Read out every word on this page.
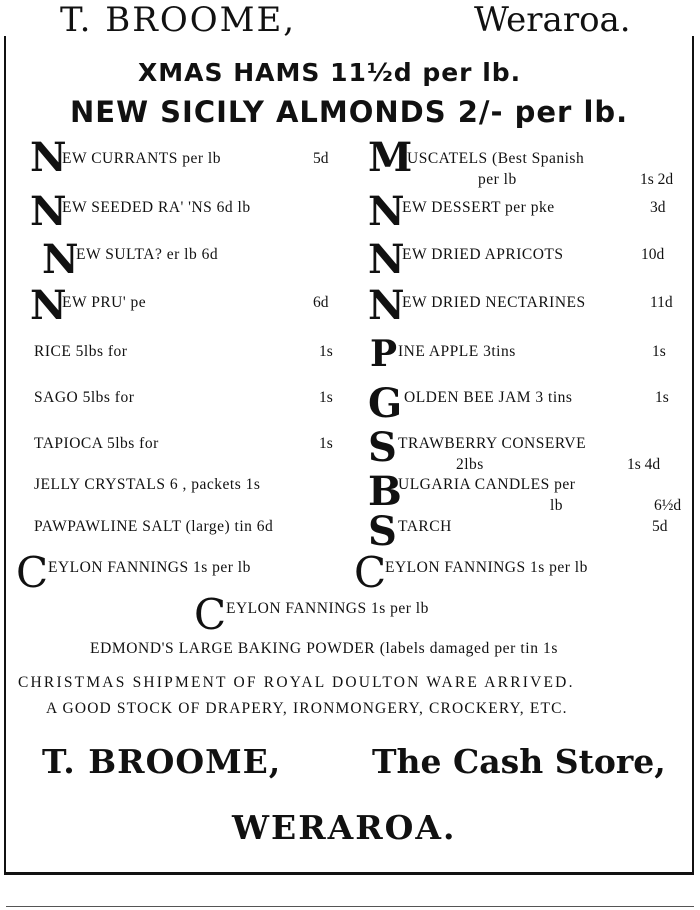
T. BROOME,	Weraroa.
XMAS HAMS 11½d per lb.
NEW SICILY ALMONDS 2/- per lb.
N
EW CURRANTS per lb	5d
N
EW SEEDED RA' 'NS 6d lb
N
EW SULTA? er lb 6d
N
EW PRU' pe	6d
RICE 5lbs for	1s
SAGO 5lbs for	1s
TAPIOCA 5lbs for	1s
JELLY CRYSTALS 6 , packets 1s
PAWPAWLINE SALT (large) tin 6d
C EYLON FANNINGS 1s per lb
M
USCATELS (Best Spanish
per lb	1s 2d
N
EW DESSERT per pke	3d
N
EW DRIED APRICOTS	10d
N
EW DRIED NECTARINES	11d
P INE APPLE 3tins	1s
G OLDEN BEE JAM 3 tins	1s
S TRAWBERRY CONSERVE
2lbs	1s 4d
B
ULGARIA CANDLES per
lb	6½d
S TARCH	5d
C
EYLON FANNINGS 1s per lb
C EYLON FANNINGS 1s per lb
EDMOND'S LARGE BAKING POWDER (labels damaged per tin 1s
CHRISTMAS SHIPMENT OF ROYAL DOULTON WARE ARRIVED.
A GOOD STOCK OF DRAPERY, IRONMONGERY, CROCKERY, ETC.
T. BROOME,	The Cash Store,
WERAROA.
